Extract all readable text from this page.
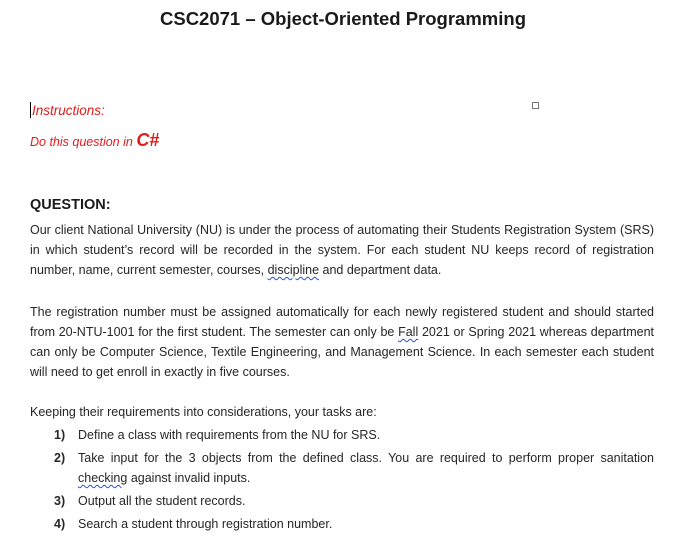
CSC2071 – Object-Oriented Programming
Instructions:
Do this question in C#
QUESTION:

Our client National University (NU) is under the process of automating their Students Registration System (SRS) in which student’s record will be recorded in the system. For each student NU keeps record of registration number, name, current semester, courses, discipline and department data.

The registration number must be assigned automatically for each newly registered student and should started from 20-NTU-1001 for the first student. The semester can only be Fall 2021 or Spring 2021 whereas department can only be Computer Science, Textile Engineering, and Management Science. In each semester each student will need to get enroll in exactly in five courses.

Keeping their requirements into considerations, your tasks are:

1)	Define a class with requirements from the NU for SRS.
2)	Take input for the 3 objects from the defined class. You are required to perform proper sanitation checking against invalid inputs.
3)	Output all the student records.
4)	Search a student through registration number.
